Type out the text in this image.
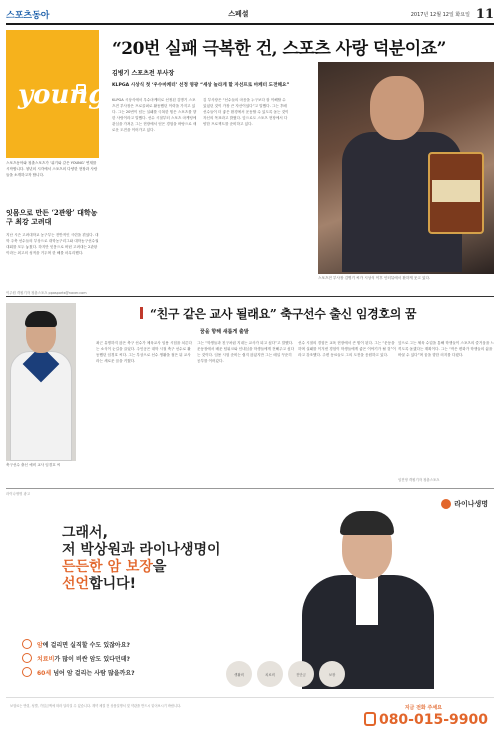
스포츠동아	스페셜	2017년 12월 12일 화요일 11
young
“20번 실패 극복한 건, 스포츠 사랑 덕분이죠”
스포츠동아와 청춘스포츠가 ‘위기와 같은 YOUNG’ 연재를 시작합니다. 청년의 시각에서 스포츠의 다양한 현장과 사람들을 소개하고자 합니다.
잇몸으로 만든 ‘2관왕’ 대학농구 최강 고려대
지난 시즌 고려대학교 농구부는 전반적인 시련을 겪었다. 대학 주축 선수들의 부상으로 대학농구리그와 대학농구선수권대회를 모두 놓쳤다. 하지만 잇몸으로 버틴 고려대는 2관왕이라는 최고의 성적을 거두며 한 해를 마무리했다.
이주원 객원기자 청춘스포츠 ppasports@naver.com
김병기 스포츠전 부사장
KLPGA 시상식 첫 ‘우수마케터’ 선정 영광 “세상 놀라게 할 자선프로 마케터 도전해요”
KLPGA 시상식에서 우수마케터로 선정된 김병기 스포츠전 부사장은 프로골퍼로 활동했던 이력을 가지고 있다. 그는 20번이 넘는 실패를 극복한 힘은 스포츠를 향한 사랑이라고 말했다. 선수 시절부터 스포츠 마케팅에 관심을 가져온 그는 현장에서 얻은 경험을 바탕으로 새로운 도전을 이어가고 있다.
김 부사장은 “선수들의 마음을 누구보다 잘 이해할 수 있었던 것이 가장 큰 자산이었다”고 말했다. 그는 후배 선수들이 더 좋은 환경에서 운동할 수 있도록 돕는 것이 자신의 목표라고 밝혔다. 앞으로도 스포츠 현장에서 다양한 프로젝트를 준비하고 있다.
스포츠전 부사장 김병기 씨가 시상식 이후 인터뷰에서 환하게 웃고 있다.
축구선수 출신 예비 교사 임경호 씨
“친구 같은 교사 될래요” 축구선수 출신 임경호의 꿈
꿈을 향해 새롭게 출발
최근 유명하지 않은 축구 선수가 체육교사 임용 시험을 치른다는 소식이 눈길을 끌었다. 주인공은 대학 시절 축구 선수로 활동했던 임경호 씨다. 그는 부상으로 선수 생활을 접은 뒤 교사라는 새로운 꿈을 키웠다.
그는 “학생들과 친구처럼 지내는 교사가 되고 싶다”고 말했다. 운동장에서 배운 팀워크와 인내심을 학생들에게 전해주고 싶다는 것이다. 임용 시험 준비는 쉽지 않았지만 그는 매일 꾸준히 공부를 이어갔다.
선수 시절의 경험은 교육 현장에서 큰 힘이 된다. 그는 “운동을 하며 실패를 이겨낸 경험이 학생들에게 좋은 이야기가 될 것”이라고 강조했다. 주변 동료들도 그의 도전을 응원하고 있다.
앞으로 그는 체육 수업을 통해 학생들이 스포츠의 즐거움을 느끼도록 돕겠다는 계획이다. 그는 “작은 변화가 학생들의 삶을 바꿀 수 있다”며 꿈을 향한 의지를 다졌다.
임진영 객원기자 청춘스포츠
라이나생명 광고
라이나생명
그래서,
저 박상원과 라이나생명이
든든한 암 보장을
선언합니다!
암에 걸리면 실직할 수도 있잖아요?
치료비가 많이 비싼 암도 있다던데?
60세 넘어 암 걸리는 사람 많을까요?	생활비	치료비	진단금	보장
보험료는 연령, 성별, 가입금액에 따라 달라질 수 있습니다. 계약 체결 전 상품설명서 및 약관을 반드시 읽어보시기 바랍니다.	지금 전화 주세요
080-015-9900
